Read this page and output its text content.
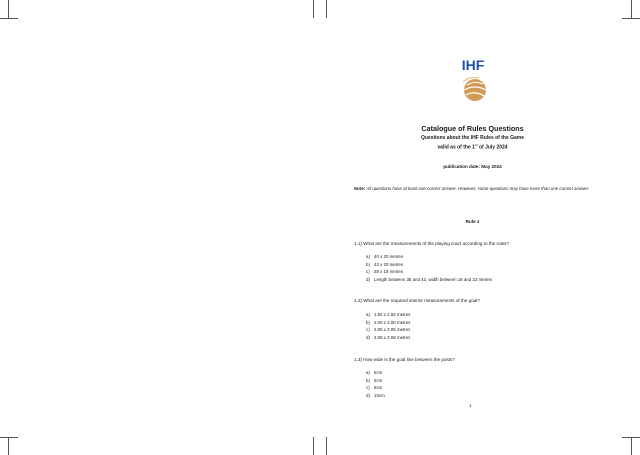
IHF

Catalogue of Rules Questions

Questions about the IHF Rules of the Game

valid as of the 1st of July 2024

publication date: May 2024

Note: All questions have at least one correct answer. However, some questions may have more than one correct answer.

Rule 1

1.1) What are the measurements of the playing court according to the rules?

a) 40 x 20 metres
b) 42 x 20 metres
c) 38 x 18 metres
d) Length between 38 and 42, width between 18 and 22 metres

1.2) What are the required interior measurements of the goal?

a) 1.92 x 2.92 metres
b) 2.00 x 3.00 metres
c) 2.05 x 3.05 metres
d) 2.08 x 3.08 metres

1.3) How wide is the goal line between the posts?

a) 5cm
b) 6cm
c) 8cm
d) 10cm

1
